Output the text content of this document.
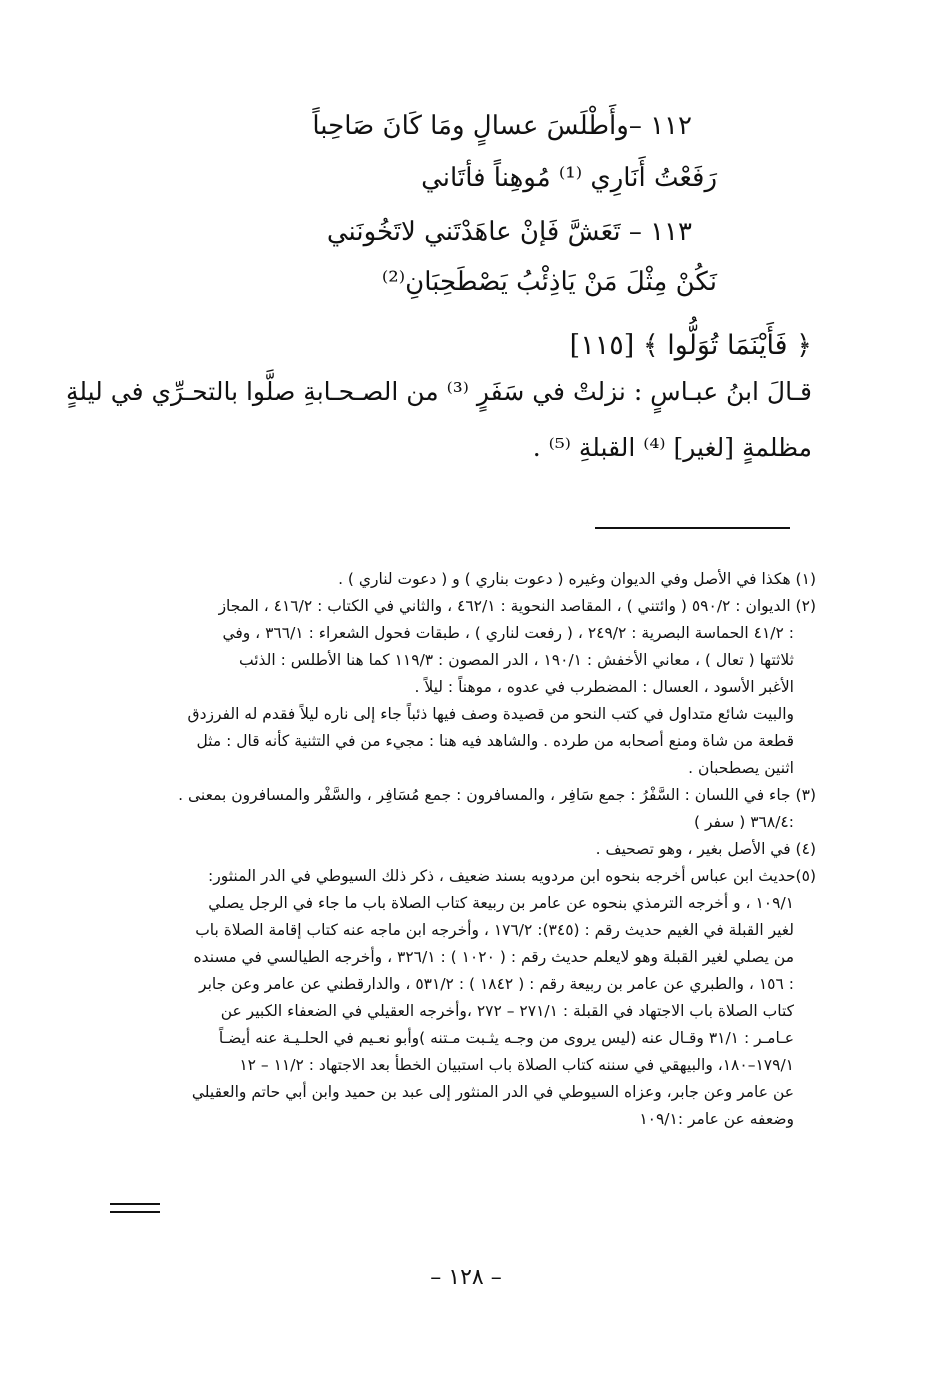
١١٢ –وأَطْلَسَ عسالٍ ومَا كَانَ صَاحِباً
رَفَعْتُ أَنَارِي ⁽¹⁾ مُوهِناً فأتَاني
١١٣ – تَعَشَّ فَإنْ عاهَدْتَني لاتَخُونَني
نَكُنْ مِثْلَ مَنْ يَاذِئْبُ يَصْطَحِبَانِ⁽²⁾
﴿ فَأَيْنَمَا تُوَلُّوا ﴾ [١١٥]
قـالَ ابنُ عبـاسٍ : نزلتْ في سَفَرٍ ⁽³⁾ من الصـحـابةِ صلَّوا بالتحـرِّي في ليلةٍ
مظلمةٍ [لغير] ⁽⁴⁾ القبلةِ ⁽⁵⁾ .
(١) هكذا في الأصل وفي الديوان وغيره ( دعوت بناري ) و ( دعوت لناري ) .
(٢) الديوان : ٥٩٠/٢ ( وائتني ) ، المقاصد النحوية : ٤٦٢/١ ، والثاني في الكتاب : ٤١٦/٢ ، المجاز
: ٤١/٢ الحماسة البصرية : ٢٤٩/٢ ، ( رفعت لناري ) ، طبقات فحول الشعراء : ٣٦٦/١ ، وفي
ثلاثتها ( تعال ) ، معاني الأخفش : ١٩٠/١ ، الدر المصون : ١١٩/٣ كما هنا الأطلس : الذئب
الأغبر الأسود ، العسال : المضطرب في عدوه ، موهناً : ليلاً .
والبيت شائع متداول في كتب النحو من قصيدة وصف فيها ذئباً جاء إلى ناره ليلاً فقدم له الفرزدق
قطعة من شاة ومنع أصحابه من طرده . والشاهد فيه هنا : مجيء من في التثنية كأنه قال : مثل
اثنين يصطحبان .
(٣) جاء في اللسان : السَّفْرُ : جمع سَافِر ، والمسافرون : جمع مُسَافِر ، والسَّفْر والمسافرون بمعنى .
:٣٦٨/٤ ( سفر )
(٤) في الأصل بغير ، وهو تصحيف .
(٥)حديث ابن عباس أخرجه بنحوه ابن مردويه بسند ضعيف ، ذكر ذلك السيوطي في الدر المنثور:
١٠٩/١ ، و أخرجه الترمذي بنحوه عن عامر بن ربيعة كتاب الصلاة باب ما جاء في الرجل يصلي
لغير القبلة في الغيم حديث رقم : (٣٤٥): ١٧٦/٢ ، وأخرجه ابن ماجه عنه كتاب إقامة الصلاة باب
من يصلي لغير القبلة وهو لايعلم حديث رقم : ( ١٠٢٠ ) : ٣٢٦/١ ، وأخرجه الطيالسي في مسنده
: ١٥٦ ، والطبري عن عامر بن ربيعة رقم : ( ١٨٤٢ ) : ٥٣١/٢ ، والدارقطني عن عامر وعن جابر
كتاب الصلاة باب الاجتهاد في القبلة : ٢٧١/١ – ٢٧٢ ،وأخرجه العقيلي في الضعفاء الكبير عن
عـامـر : ٣١/١ وقـال عنه (ليس يروى من وجـه يثـبت مـتنه )وأبو نعـيم في الحلـيـة عنه أيضـاً
١٧٩/١–١٨٠، والبيهقي في سننه كتاب الصلاة باب استبيان الخطأ بعد الاجتهاد : ١١/٢ – ١٢
عن عامر وعن جابر، وعزاه السيوطي في الدر المنثور إلى عبد بن حميد وابن أبي حاتم والعقيلي
وضعفه عن عامر :١٠٩/١
– ١٢٨ –
